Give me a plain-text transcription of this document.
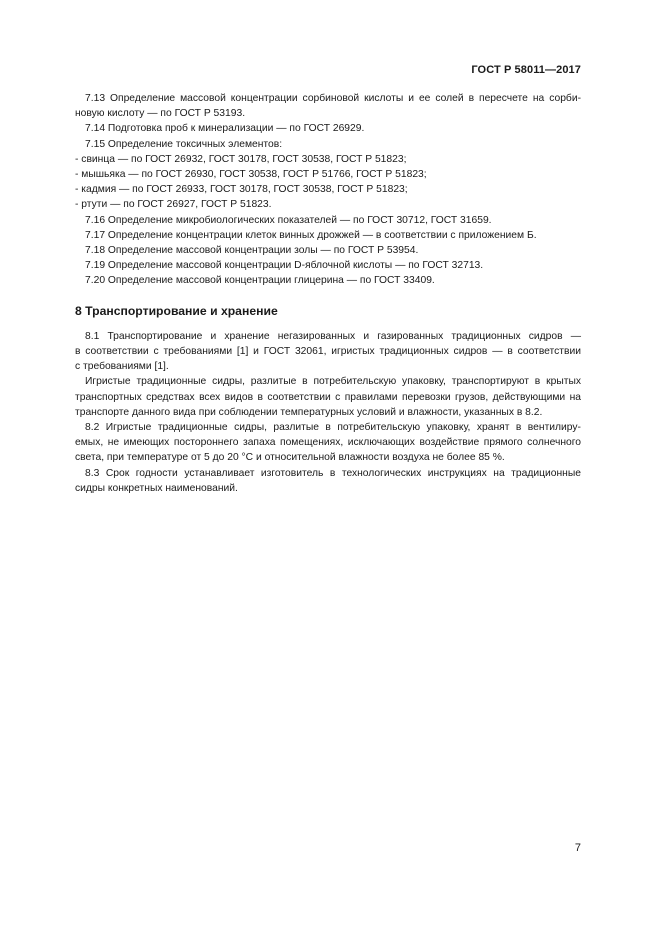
ГОСТ Р 58011—2017
7.13 Определение массовой концентрации сорбиновой кислоты и ее солей в пересчете на сорби-
новую кислоту — по ГОСТ Р 53193.
7.14 Подготовка проб к минерализации — по ГОСТ 26929.
7.15 Определение токсичных элементов:
- свинца — по ГОСТ 26932, ГОСТ 30178, ГОСТ 30538, ГОСТ Р 51823;
- мышьяка — по ГОСТ 26930, ГОСТ 30538, ГОСТ Р 51766, ГОСТ Р 51823;
- кадмия — по ГОСТ 26933, ГОСТ 30178, ГОСТ 30538, ГОСТ Р 51823;
- ртути — по ГОСТ 26927, ГОСТ Р 51823.
7.16 Определение микробиологических показателей — по ГОСТ 30712, ГОСТ 31659.
7.17 Определение концентрации клеток винных дрожжей — в соответствии с приложением Б.
7.18 Определение массовой концентрации золы — по ГОСТ Р 53954.
7.19 Определение массовой концентрации D-яблочной кислоты — по ГОСТ 32713.
7.20 Определение массовой концентрации глицерина — по ГОСТ 33409.
8 Транспортирование и хранение
8.1 Транспортирование и хранение негазированных и газированных традиционных сидров —
в соответствии с требованиями [1] и ГОСТ 32061, игристых традиционных сидров — в соответствии
с требованиями [1].
Игристые традиционные сидры, разлитые в потребительскую упаковку, транспортируют в крытых
транспортных средствах всех видов в соответствии с правилами перевозки грузов, действующими на
транспорте данного вида при соблюдении температурных условий и влажности, указанных в 8.2.
8.2 Игристые традиционные сидры, разлитые в потребительскую упаковку, хранят в вентилиру-
емых, не имеющих постороннего запаха помещениях, исключающих воздействие прямого солнечного
света, при температуре от 5 до 20 °С и относительной влажности воздуха не более 85 %.
8.3 Срок годности устанавливает изготовитель в технологических инструкциях на традиционные
сидры конкретных наименований.
7
